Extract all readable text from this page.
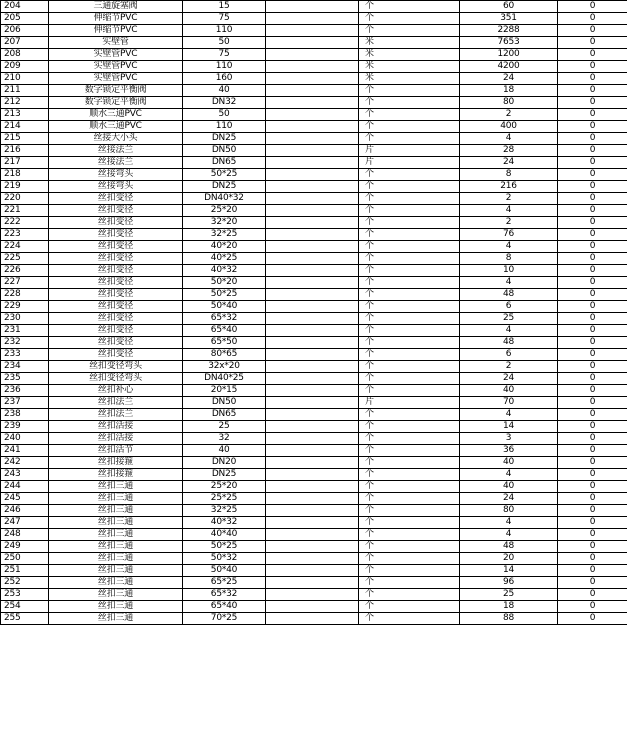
204	三通旋塞阀	15		个	60	0
205	伸缩节PVC	75		个	351	0
206	伸缩节PVC	110		个	2288	0
207	实壁管	50		米	7653	0
208	实壁管PVC	75		米	1200	0
209	实壁管PVC	110		米	4200	0
210	实壁管PVC	160		米	24	0
211	数字锁定平衡阀	40		个	18	0
212	数字锁定平衡阀	DN32		个	80	0
213	顺水三通PVC	50		个	2	0
214	顺水三通PVC	110		个	400	0
215	丝接大小头	DN25		个	4	0
216	丝接法兰	DN50		片	28	0
217	丝接法兰	DN65		片	24	0
218	丝接弯头	50*25		个	8	0
219	丝接弯头	DN25		个	216	0
220	丝扣变径	DN40*32		个	2	0
221	丝扣变径	25*20		个	4	0
222	丝扣变径	32*20		个	2	0
223	丝扣变径	32*25		个	76	0
224	丝扣变径	40*20		个	4	0
225	丝扣变径	40*25		个	8	0
226	丝扣变径	40*32		个	10	0
227	丝扣变径	50*20		个	4	0
228	丝扣变径	50*25		个	48	0
229	丝扣变径	50*40		个	6	0
230	丝扣变径	65*32		个	25	0
231	丝扣变径	65*40		个	4	0
232	丝扣变径	65*50		个	48	0
233	丝扣变径	80*65		个	6	0
234	丝扣变径弯头	32x*20		个	2	0
235	丝扣变径弯头	DN40*25		个	24	0
236	丝扣补心	20*15		个	40	0
237	丝扣法兰	DN50		片	70	0
238	丝扣法兰	DN65		个	4	0
239	丝扣活接	25		个	14	0
240	丝扣活接	32		个	3	0
241	丝扣活节	40		个	36	0
242	丝扣接箍	DN20		个	40	0
243	丝扣接箍	DN25		个	4	0
244	丝扣三通	25*20		个	40	0
245	丝扣三通	25*25		个	24	0
246	丝扣三通	32*25		个	80	0
247	丝扣三通	40*32		个	4	0
248	丝扣三通	40*40		个	4	0
249	丝扣三通	50*25		个	48	0
250	丝扣三通	50*32		个	20	0
251	丝扣三通	50*40		个	14	0
252	丝扣三通	65*25		个	96	0
253	丝扣三通	65*32		个	25	0
254	丝扣三通	65*40		个	18	0
255	丝扣三通	70*25		个	88	0
